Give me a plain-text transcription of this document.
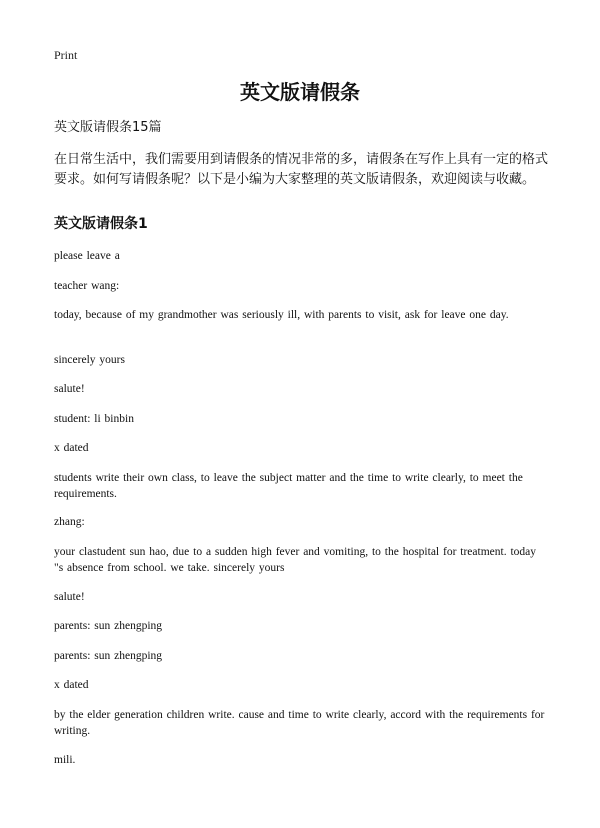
Print
英文版请假条
英文版请假条15篇

在日常生活中，我们需要用到请假条的情况非常的多，请假条在写作上具有一定的格式要求。如何写请假条呢？以下是小编为大家整理的英文版请假条，欢迎阅读与收藏。

英文版请假条1

please leave a

teacher wang:

today, because of my grandmother was seriously ill, with parents to visit, ask for leave one day.

sincerely yours

salute!

student: li binbin

x dated

students write their own class, to leave the subject matter and the time to write clearly, to meet the requirements.

zhang:

your clastudent sun hao, due to a sudden high fever and vomiting, to the hospital for treatment. today "s absence from school. we take. sincerely yours

salute!

parents: sun zhengping

parents: sun zhengping

x dated

by the elder generation children write. cause and time to write clearly, accord with the requirements for writing.

mili.
